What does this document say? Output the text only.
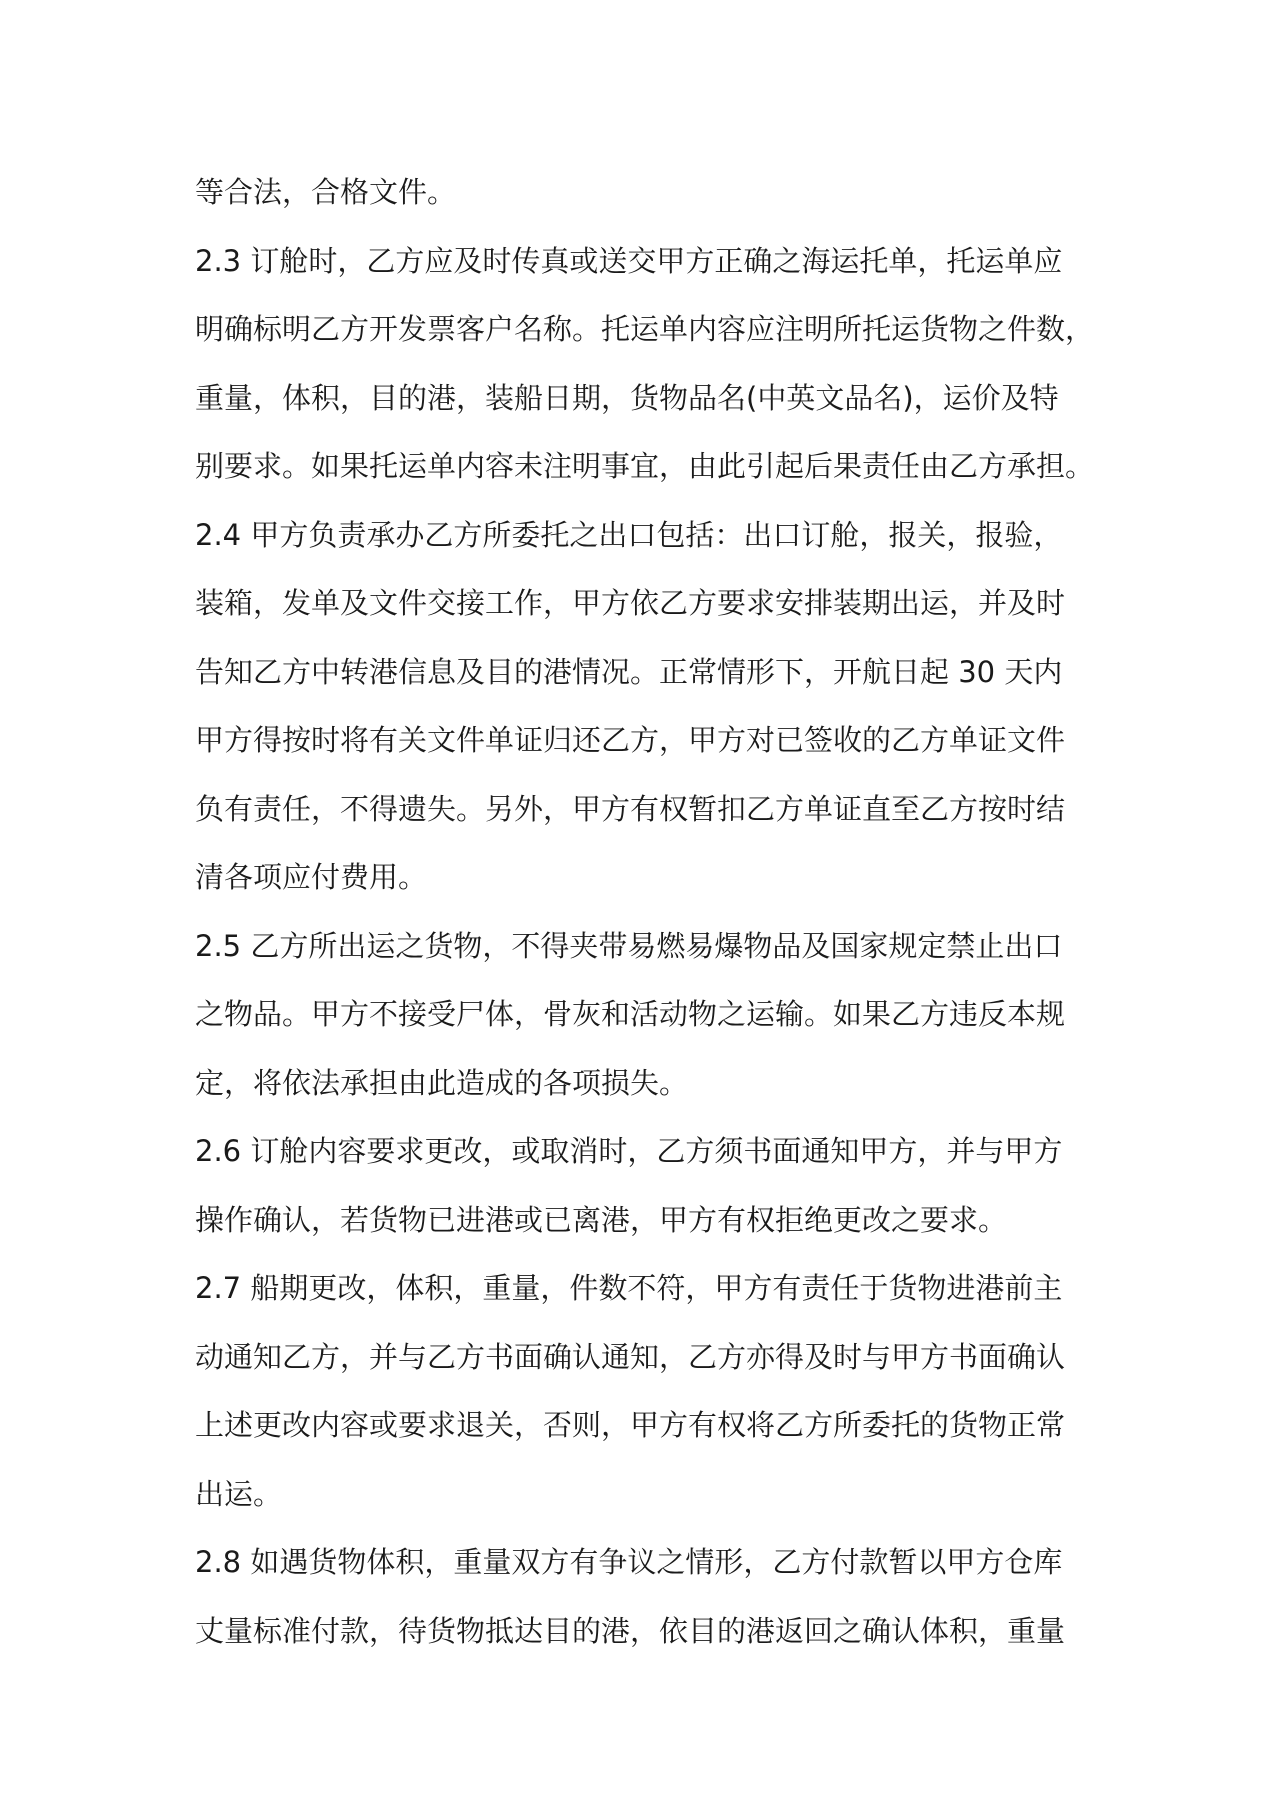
等合法，合格文件。
2.3 订舱时，乙方应及时传真或送交甲方正确之海运托单，托运单应
明确标明乙方开发票客户名称。托运单内容应注明所托运货物之件数，
重量，体积，目的港，装船日期，货物品名(中英文品名)，运价及特
别要求。如果托运单内容未注明事宜，由此引起后果责任由乙方承担。
2.4 甲方负责承办乙方所委托之出口包括：出口订舱，报关，报验，
装箱，发单及文件交接工作，甲方依乙方要求安排装期出运，并及时
告知乙方中转港信息及目的港情况。正常情形下，开航日起 30 天内
甲方得按时将有关文件单证归还乙方，甲方对已签收的乙方单证文件
负有责任，不得遗失。另外，甲方有权暂扣乙方单证直至乙方按时结
清各项应付费用。
2.5 乙方所出运之货物，不得夹带易燃易爆物品及国家规定禁止出口
之物品。甲方不接受尸体，骨灰和活动物之运输。如果乙方违反本规
定，将依法承担由此造成的各项损失。
2.6 订舱内容要求更改，或取消时，乙方须书面通知甲方，并与甲方
操作确认，若货物已进港或已离港，甲方有权拒绝更改之要求。
2.7 船期更改，体积，重量，件数不符，甲方有责任于货物进港前主
动通知乙方，并与乙方书面确认通知，乙方亦得及时与甲方书面确认
上述更改内容或要求退关，否则，甲方有权将乙方所委托的货物正常
出运。
2.8 如遇货物体积，重量双方有争议之情形，乙方付款暂以甲方仓库
丈量标准付款，待货物抵达目的港，依目的港返回之确认体积，重量
